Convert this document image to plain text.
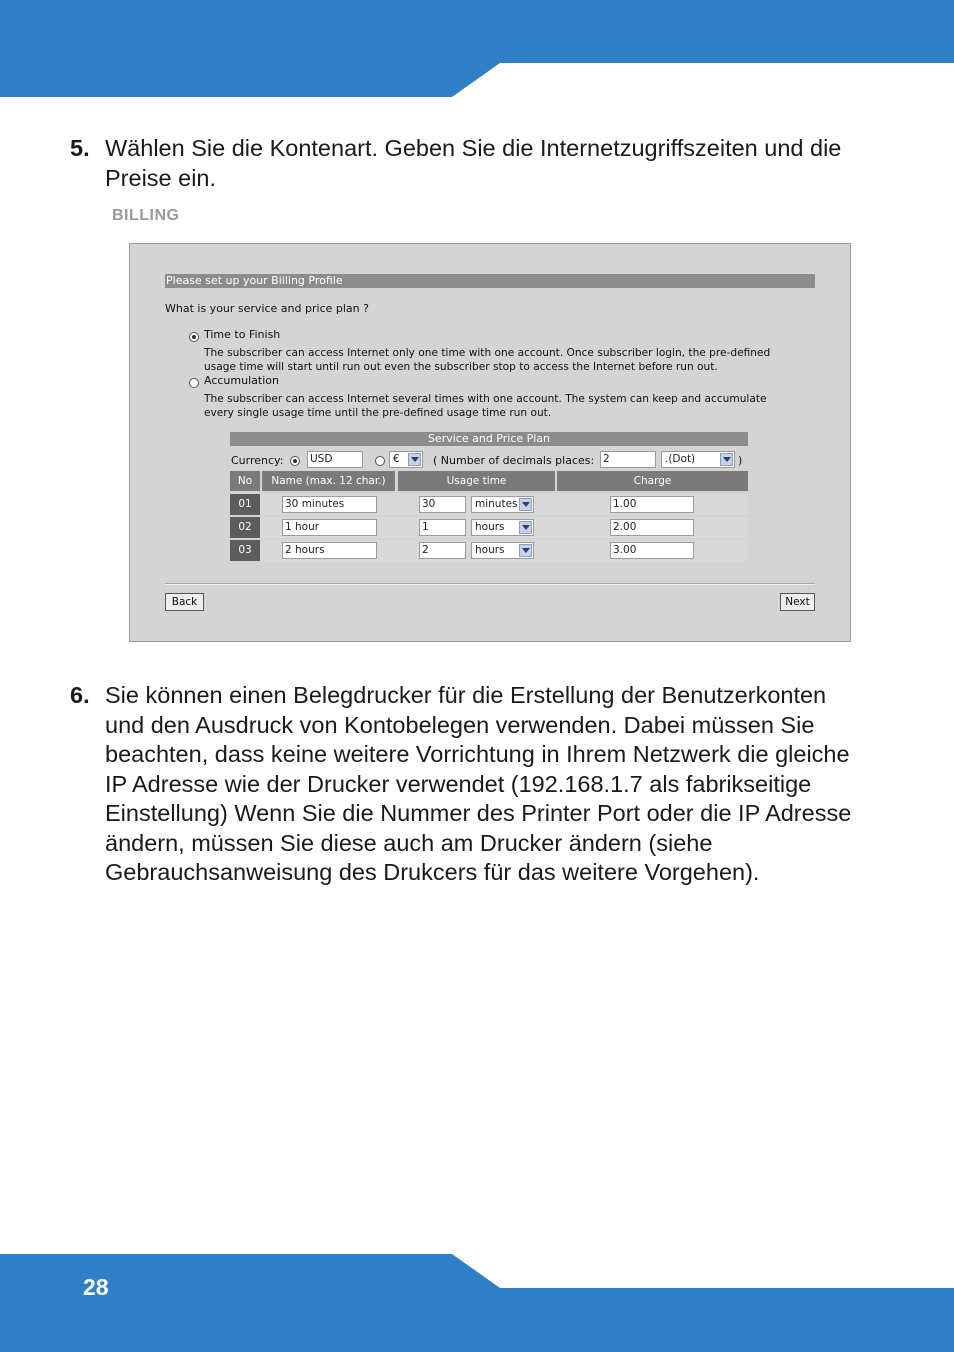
28
5. Wählen Sie die Kontenart. Geben Sie die Internetzugriffszeiten und die Preise ein.
BILLING
Please set up your Billing Profile
What is your service and price plan ?
Time to Finish
The subscriber can access Internet only one time with one account. Once subscriber login, the pre-defined
usage time will start until run out even the subscriber stop to access the Internet before run out.
Accumulation
The subscriber can access Internet several times with one account. The system can keep and accumulate
every single usage time until the pre-defined usage time run out.
Service and Price Plan
Currency:	USD	€	( Number of decimals places: 2	.(Dot)	)
No	Name (max. 12 char.)	Usage time	Charge
01	30 minutes	30	minutes	1.00
02	1 hour	1	hours	2.00
03	2 hours	2	hours	3.00
Back	Next
6. Sie können einen Belegdrucker für die Erstellung der Benutzerkonten und den Ausdruck von Kontobelegen verwenden. Dabei müssen Sie beachten, dass keine weitere Vorrichtung in Ihrem Netzwerk die gleiche IP Adresse wie der Drucker verwendet (192.168.1.7 als fabrikseitige Einstellung) Wenn Sie die Nummer des Printer Port oder die IP Adresse ändern, müssen Sie diese auch am Drucker ändern (siehe Gebrauchsanweisung des Drukcers für das weitere Vorgehen).
